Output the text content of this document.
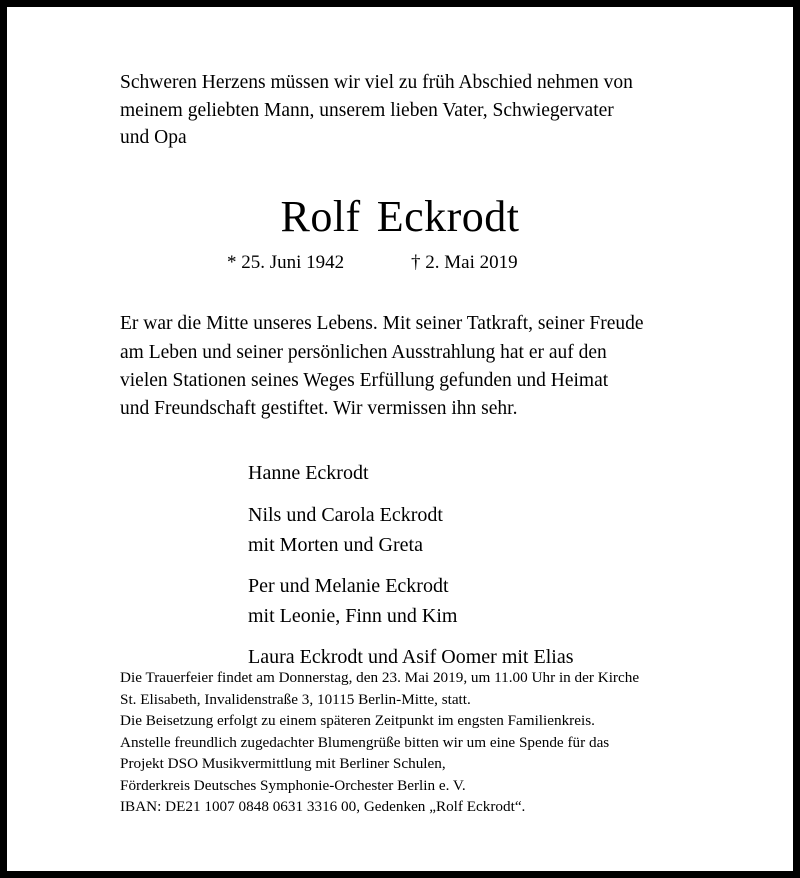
Schweren Herzens müssen wir viel zu früh Abschied nehmen von
meinem geliebten Mann, unserem lieben Vater, Schwiegervater
und Opa
Rolf Eckrodt
* 25. Juni 1942	† 2. Mai 2019
Er war die Mitte unseres Lebens. Mit seiner Tatkraft, seiner Freude
am Leben und seiner persönlichen Ausstrahlung hat er auf den
vielen Stationen seines Weges Erfüllung gefunden und Heimat
und Freundschaft gestiftet. Wir vermissen ihn sehr.
Hanne Eckrodt
Nils und Carola Eckrodt
mit Morten und Greta
Per und Melanie Eckrodt
mit Leonie, Finn und Kim
Laura Eckrodt und Asif Oomer mit Elias

Die Trauerfeier findet am Donnerstag, den 23. Mai 2019, um 11.00 Uhr in der Kirche

St. Elisabeth, Invalidenstraße 3, 10115 Berlin-Mitte, statt.

Die Beisetzung erfolgt zu einem späteren Zeitpunkt im engsten Familienkreis.

Anstelle freundlich zugedachter Blumengrüße bitten wir um eine Spende für das

Projekt DSO Musikvermittlung mit Berliner Schulen,

Förderkreis Deutsches Symphonie-Orchester Berlin e. V.

IBAN: DE21 1007 0848 0631 3316 00, Gedenken „Rolf Eckrodt“.
